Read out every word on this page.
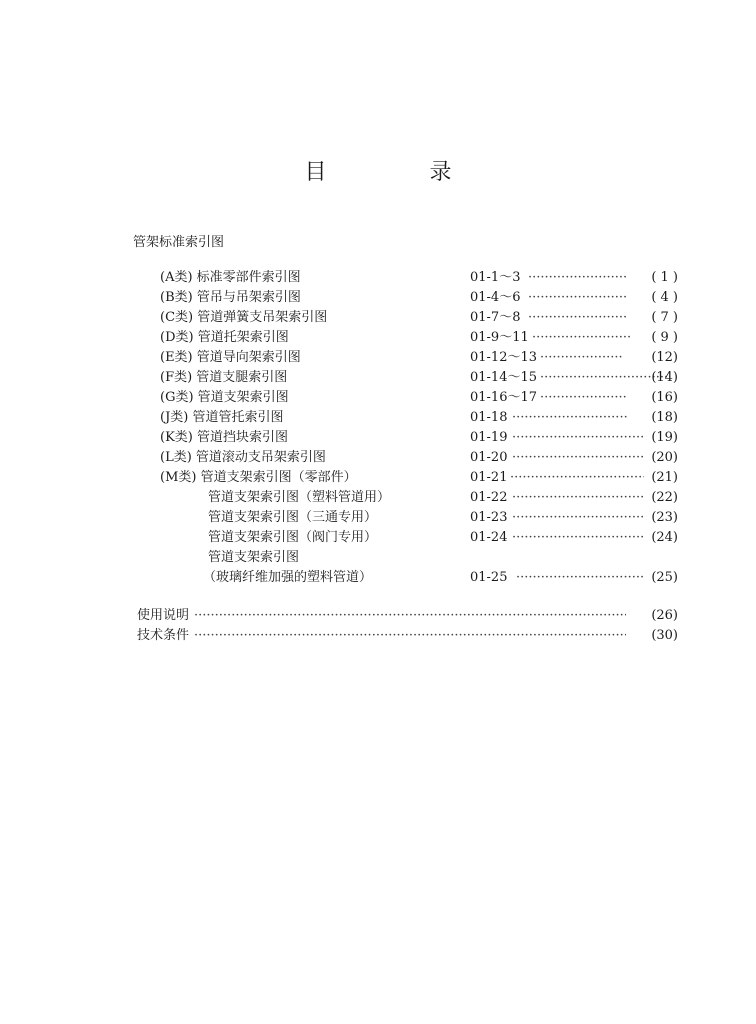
目 录
管架标准索引图
(A类) 标准零部件索引图	01-1～3 ·····	( 1 )
(B类) 管吊与吊架索引图	01-4～6 ·····	( 4 )
(C类) 管道弹簧支吊架索引图	01-7～8 ·····	( 7 )
(D类) 管道托架索引图	01-9～11 ·····	( 9 )
(E类) 管道导向架索引图	01-12～13 ·····	(12)
(F类) 管道支腿索引图	01-14～15 ·····	(14)
(G类) 管道支架索引图	01-16～17 ·····	(16)
(J类) 管道管托索引图	01-18 ·····	(18)
(K类) 管道挡块索引图	01-19 ·····	(19)
(L类) 管道滚动支吊架索引图	01-20 ·····	(20)
(M类) 管道支架索引图（零部件）	01-21 ·····	(21)
管道支架索引图（塑料管道用）	01-22 ·····	(22)
管道支架索引图（三通专用）	01-23 ·····	(23)
管道支架索引图（阀门专用）	01-24 ·····	(24)
管道支架索引图
（玻璃纤维加强的塑料管道）	01-25 ·····	(25)
使用说明 ·····	(26)
技术条件 ·····	(30)
